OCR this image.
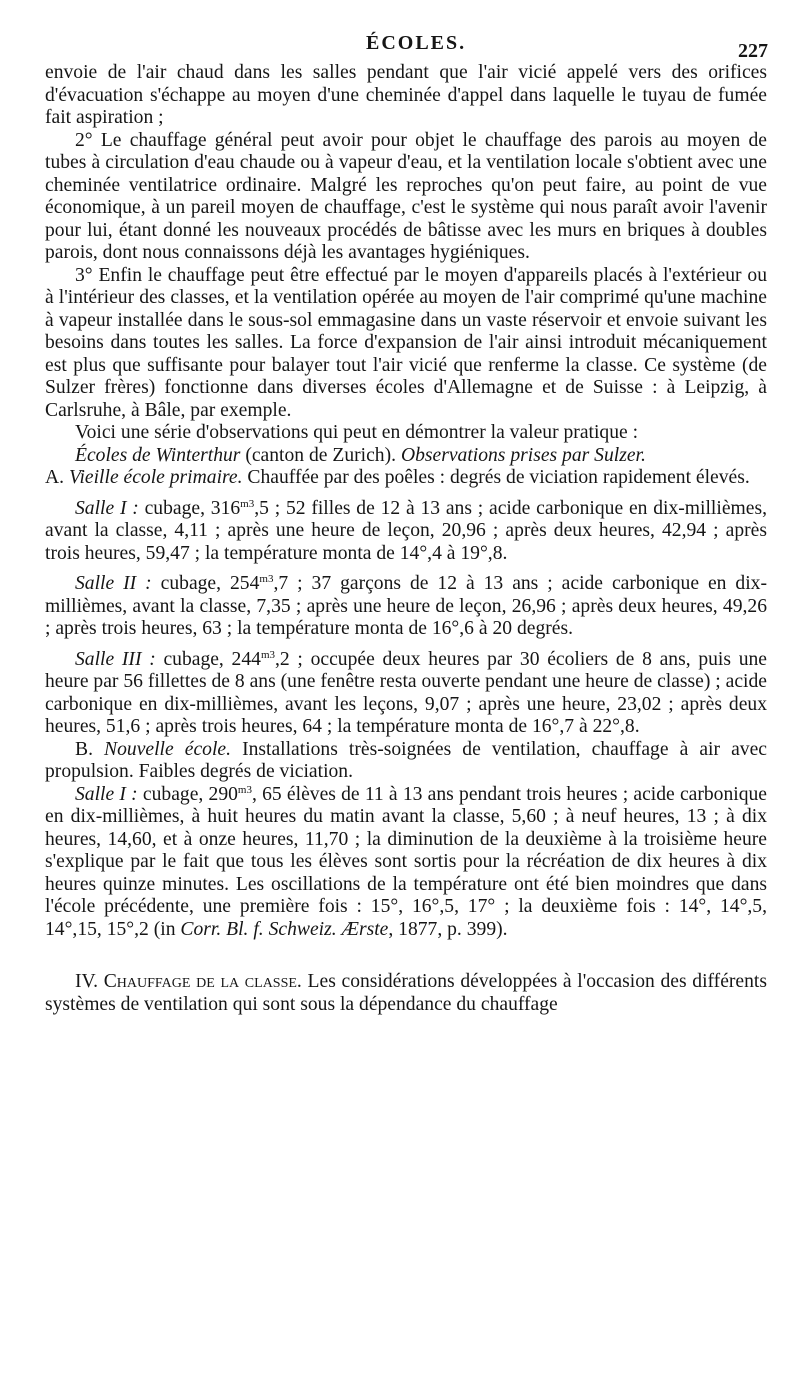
ÉCOLES.	227

envoie de l'air chaud dans les salles pendant que l'air vicié appelé vers des orifices d'évacuation s'échappe au moyen d'une cheminée d'appel dans laquelle le tuyau de fumée fait aspiration ;

2° Le chauffage général peut avoir pour objet le chauffage des parois au moyen de tubes à circulation d'eau chaude ou à vapeur d'eau, et la ventilation locale s'obtient avec une cheminée ventilatrice ordinaire. Malgré les reproches qu'on peut faire, au point de vue économique, à un pareil moyen de chauffage, c'est le système qui nous paraît avoir l'avenir pour lui, étant donné les nouveaux procédés de bâtisse avec les murs en briques à doubles parois, dont nous connaissons déjà les avantages hygiéniques.

3° Enfin le chauffage peut être effectué par le moyen d'appareils placés à l'extérieur ou à l'intérieur des classes, et la ventilation opérée au moyen de l'air comprimé qu'une machine à vapeur installée dans le sous-sol emmagasine dans un vaste réservoir et envoie suivant les besoins dans toutes les salles. La force d'expansion de l'air ainsi introduit mécaniquement est plus que suffisante pour balayer tout l'air vicié que renferme la classe. Ce système (de Sulzer frères) fonctionne dans diverses écoles d'Allemagne et de Suisse : à Leipzig, à Carlsruhe, à Bâle, par exemple.

Voici une série d'observations qui peut en démontrer la valeur pratique :

Écoles de Winterthur (canton de Zurich). Observations prises par Sulzer.

A. Vieille école primaire. Chauffée par des poêles : degrés de viciation rapidement élevés.

Salle I : cubage, $316^{m3},5$ ; 52 filles de 12 à 13 ans ; acide carbonique en dix-millièmes, avant la classe, 4,11 ; après une heure de leçon, 20,96 ; après deux heures, 42,94 ; après trois heures, 59,47 ; la température monta de 14°,4 à 19°,8.

Salle II : cubage, $254^{m3},7$ ; 37 garçons de 12 à 13 ans ; acide carbonique en dix-millièmes, avant la classe, 7,35 ; après une heure de leçon, 26,96 ; après deux heures, 49,26 ; après trois heures, 63 ; la température monta de 16°,6 à 20 degrés.

Salle III : cubage, $244^{m3},2$ ; occupée deux heures par 30 écoliers de 8 ans, puis une heure par 56 fillettes de 8 ans (une fenêtre resta ouverte pendant une heure de classe) ; acide carbonique en dix-millièmes, avant les leçons, 9,07 ; après une heure, 23,02 ; après deux heures, 51,6 ; après trois heures, 64 ; la température monta de 16°,7 à 22°,8.

B. Nouvelle école. Installations très-soignées de ventilation, chauffage à air avec propulsion. Faibles degrés de viciation.

Salle I : cubage, $290^{m3}$, 65 élèves de 11 à 13 ans pendant trois heures ; acide carbonique en dix-millièmes, à huit heures du matin avant la classe, 5,60 ; à neuf heures, 13 ; à dix heures, 14,60, et à onze heures, 11,70 ; la diminution de la deuxième à la troisième heure s'explique par le fait que tous les élèves sont sortis pour la récréation de dix heures à dix heures quinze minutes. Les oscillations de la température ont été bien moindres que dans l'école précédente, une première fois : 15°, 16°,5, 17° ; la deuxième fois : 14°, 14°,5, 14°,15, 15°,2 (in Corr. Bl. f. Schweiz. Ærste, 1877, p. 399).

IV. Chauffage de la classe. Les considérations développées à l'occasion des différents systèmes de ventilation qui sont sous la dépendance du chauffage
